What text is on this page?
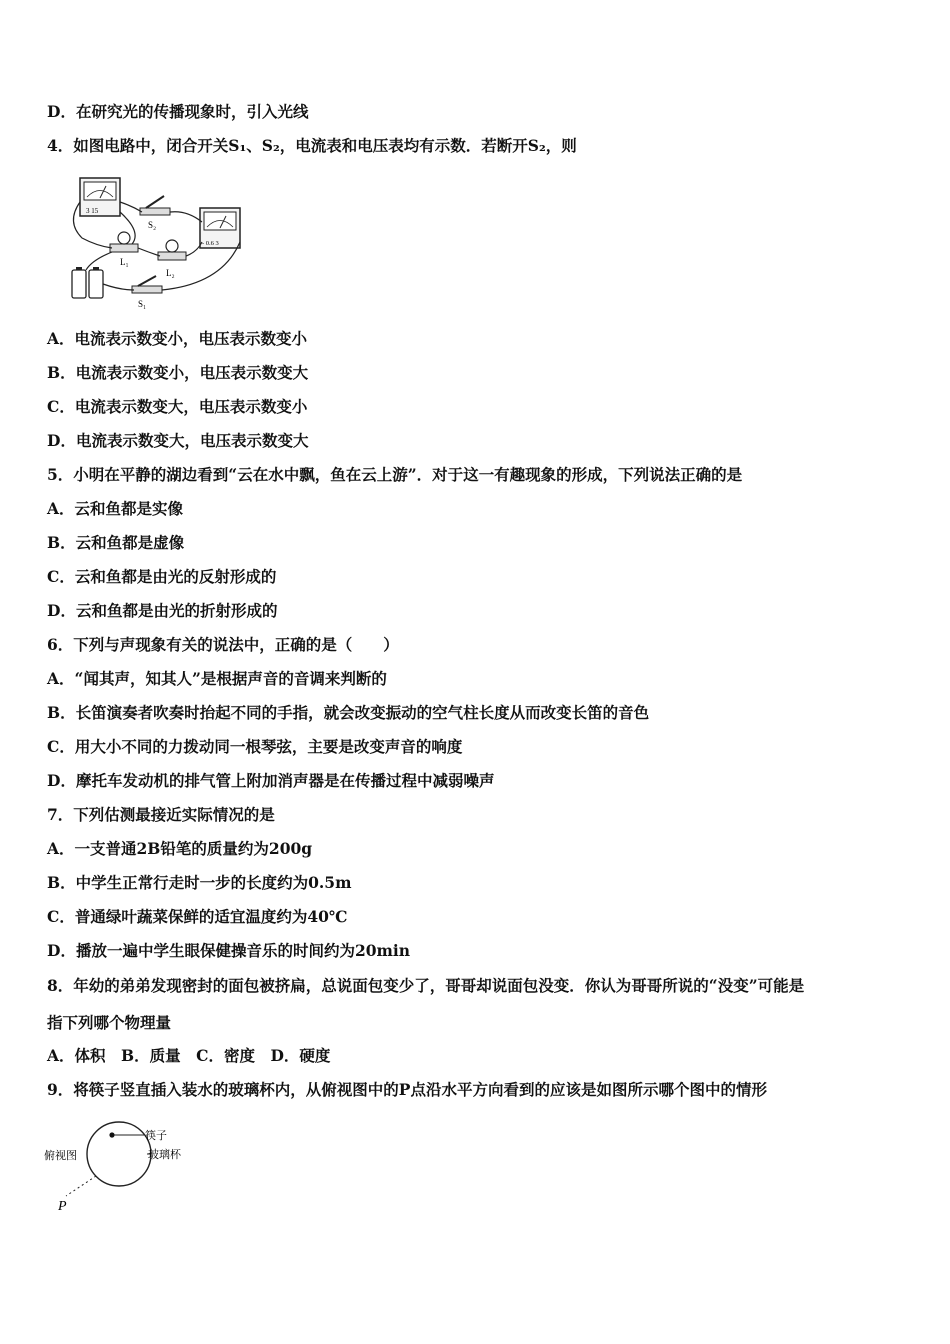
D．在研究光的传播现象时，引入光线
4．如图电路中，闭合开关S₁、S₂，电流表和电压表均有示数．若断开S₂，则
3 15
- 0.6 3
S₂
L₁
L₂
S₁
A．电流表示数变小，电压表示数变小
B．电流表示数变小，电压表示数变大
C．电流表示数变大，电压表示数变小
D．电流表示数变大，电压表示数变大
5．小明在平静的湖边看到“云在水中飘，鱼在云上游”．对于这一有趣现象的形成，下列说法正确的是
A．云和鱼都是实像
B．云和鱼都是虚像
C．云和鱼都是由光的反射形成的
D．云和鱼都是由光的折射形成的
6．下列与声现象有关的说法中，正确的是（　　）
A．“闻其声，知其人”是根据声音的音调来判断的
B．长笛演奏者吹奏时抬起不同的手指，就会改变振动的空气柱长度从而改变长笛的音色
C．用大小不同的力拨动同一根琴弦，主要是改变声音的响度
D．摩托车发动机的排气管上附加消声器是在传播过程中减弱噪声
7．下列估测最接近实际情况的是
A．一支普通2B铅笔的质量约为200g
B．中学生正常行走时一步的长度约为0.5m
C．普通绿叶蔬菜保鲜的适宜温度约为40℃
D．播放一遍中学生眼保健操音乐的时间约为20min
8．年幼的弟弟发现密封的面包被挤扁，总说面包变少了，哥哥却说面包没变．你认为哥哥所说的“没变”可能是
指下列哪个物理量
A．体积　B．质量　C．密度　D．硬度
9．将筷子竖直插入装水的玻璃杯内，从俯视图中的P点沿水平方向看到的应该是如图所示哪个图中的情形
筷子
玻璃杯
俯视图
P
